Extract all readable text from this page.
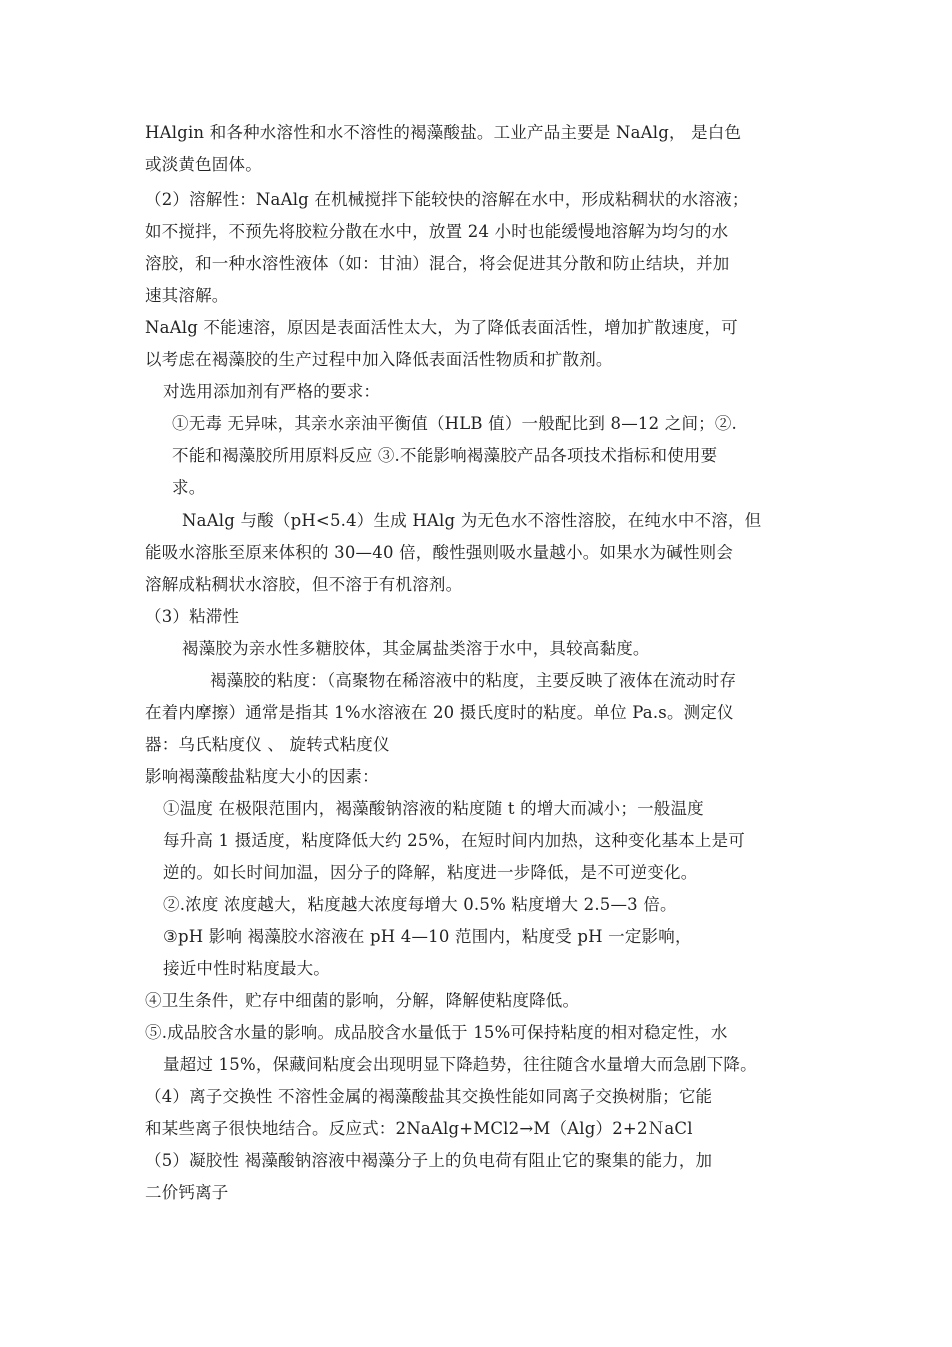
HAlgin 和各种水溶性和水不溶性的褐藻酸盐。工业产品主要是 NaAlg， 是白色
或淡黄色固体。
（2）溶解性：NaAlg 在机械搅拌下能较快的溶解在水中，形成粘稠状的水溶液；
如不搅拌，不预先将胶粒分散在水中，放置 24 小时也能缓慢地溶解为均匀的水
溶胶，和一种水溶性液体（如：甘油）混合，将会促进其分散和防止结块，并加
速其溶解。
NaAlg 不能速溶，原因是表面活性太大，为了降低表面活性，增加扩散速度，可
以考虑在褐藻胶的生产过程中加入降低表面活性物质和扩散剂。
对选用添加剂有严格的要求：
①无毒 无异味，其亲水亲油平衡值（HLB 值）一般配比到 8—12 之间；②.
不能和褐藻胶所用原料反应 ③.不能影响褐藻胶产品各项技术指标和使用要
求。
NaAlg 与酸（pH<5.4）生成 HAlg 为无色水不溶性溶胶，在纯水中不溶，但
能吸水溶胀至原来体积的 30—40 倍，酸性强则吸水量越小。如果水为碱性则会
溶解成粘稠状水溶胶，但不溶于有机溶剂。
（3）粘滞性
褐藻胶为亲水性多糖胶体，其金属盐类溶于水中，具较高黏度。
褐藻胶的粘度：（高聚物在稀溶液中的粘度，主要反映了液体在流动时存
在着内摩擦）通常是指其 1%水溶液在 20 摄氏度时的粘度。单位 Pa.s。测定仪
器：乌氏粘度仪 、 旋转式粘度仪
影响褐藻酸盐粘度大小的因素：
①温度 在极限范围内，褐藻酸钠溶液的粘度随 t 的增大而减小；一般温度
每升高 1 摄适度，粘度降低大约 25%，在短时间内加热，这种变化基本上是可
逆的。如长时间加温，因分子的降解，粘度进一步降低，是不可逆变化。
②.浓度 浓度越大，粘度越大浓度每增大 0.5% 粘度增大 2.5—3 倍。
③pH 影响 褐藻胶水溶液在 pH 4—10 范围内，粘度受 pH 一定影响，
接近中性时粘度最大。
④卫生条件，贮存中细菌的影响，分解，降解使粘度降低。
⑤.成品胶含水量的影响。成品胶含水量低于 15%可保持粘度的相对稳定性，水
量超过 15%，保藏间粘度会出现明显下降趋势，往往随含水量增大而急剧下降。
（4）离子交换性 不溶性金属的褐藻酸盐其交换性能如同离子交换树脂；它能
和某些离子很快地结合。反应式：2NaAlg+MCl2→M（Alg）2+2ＮaCl
（5）凝胶性 褐藻酸钠溶液中褐藻分子上的负电荷有阻止它的聚集的能力，加
二价钙离子
